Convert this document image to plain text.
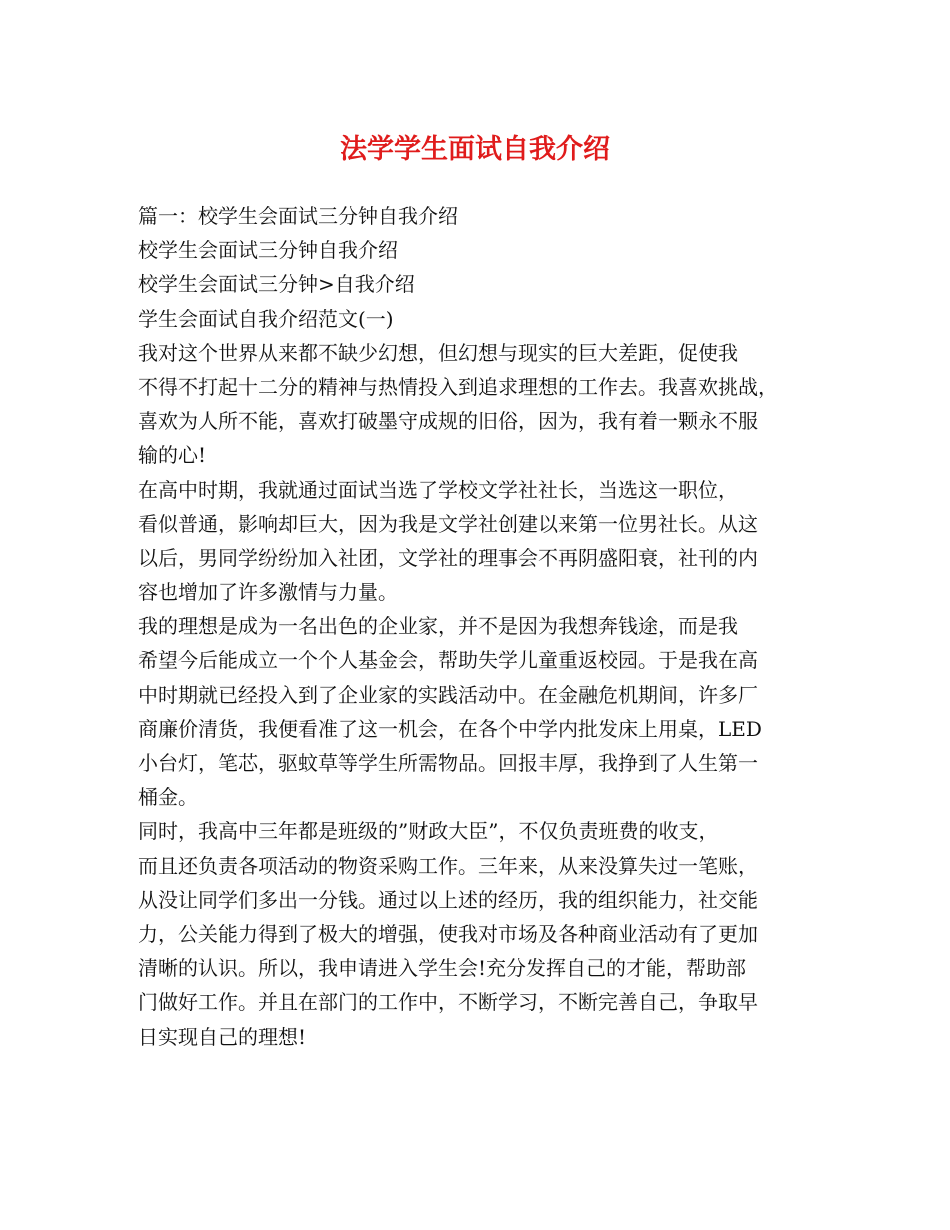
法学学生面试自我介绍
篇一：校学生会面试三分钟自我介绍
校学生会面试三分钟自我介绍
校学生会面试三分钟>自我介绍
学生会面试自我介绍范文(一)
我对这个世界从来都不缺少幻想，但幻想与现实的巨大差距，促使我
不得不打起十二分的精神与热情投入到追求理想的工作去。我喜欢挑战，
喜欢为人所不能，喜欢打破墨守成规的旧俗，因为，我有着一颗永不服
输的心!
在高中时期，我就通过面试当选了学校文学社社长，当选这一职位，
看似普通，影响却巨大，因为我是文学社创建以来第一位男社长。从这
以后，男同学纷纷加入社团，文学社的理事会不再阴盛阳衰，社刊的内
容也增加了许多激情与力量。
我的理想是成为一名出色的企业家，并不是因为我想奔钱途，而是我
希望今后能成立一个个人基金会，帮助失学儿童重返校园。于是我在高
中时期就已经投入到了企业家的实践活动中。在金融危机期间，许多厂
商廉价清货，我便看准了这一机会，在各个中学内批发床上用桌，LED
小台灯，笔芯，驱蚊草等学生所需物品。回报丰厚，我挣到了人生第一
桶金。
同时，我高中三年都是班级的”财政大臣”，不仅负责班费的收支，
而且还负责各项活动的物资采购工作。三年来，从来没算失过一笔账，
从没让同学们多出一分钱。通过以上述的经历，我的组织能力，社交能
力，公关能力得到了极大的增强，使我对市场及各种商业活动有了更加
清晰的认识。所以，我申请进入学生会!充分发挥自己的才能，帮助部
门做好工作。并且在部门的工作中，不断学习，不断完善自己，争取早
日实现自己的理想!
